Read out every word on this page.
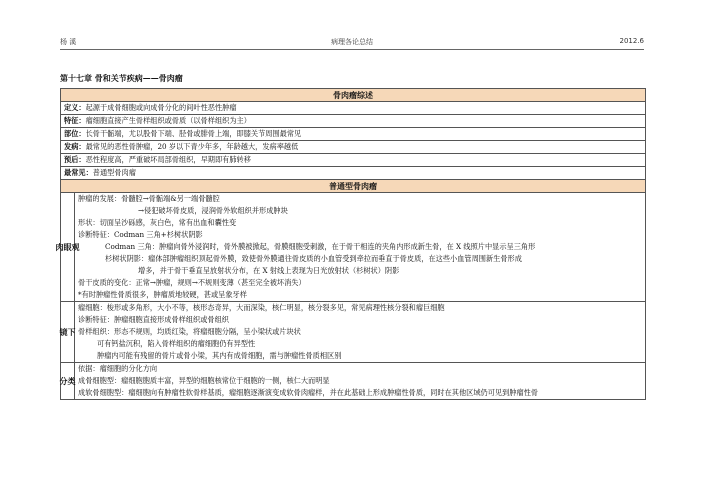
杨 溪	病理各论总结	2012.6
第十七章 骨和关节疾病——骨肉瘤
骨肉瘤综述
定义：起源于成骨细胞或向成骨分化的间叶性恶性肿瘤
特征：瘤细胞直接产生骨样组织或骨质（以骨样组织为主）
部位：长骨干骺端，尤以股骨下端、胫骨或腓骨上端，即膝关节周围最常见
发病：最常见的恶性骨肿瘤，20 岁以下青少年多，年龄越大，发病率越低
预后：恶性程度高，严重破坏局部骨组织，早期即有肺转移
最常见：普通型骨肉瘤
普通型骨肉瘤
肉 眼 观
肿瘤的发展：骨髓腔→骨骺端&另一端骨髓腔
→侵犯破坏骨皮质，浸润骨外软组织并形成肿块
形状：切面呈沙砾感，灰白色，常有出血和囊性变
诊断特征：Codman 三角+杉树状阴影
Codman 三角：肿瘤向骨外浸润时，骨外膜被掀起，骨膜细胞受刺激，在于骨干相连的夹角内形成新生骨，在 X 线照片中显示呈三角形
杉树状阴影：瘤体部肿瘤组织顶起骨外膜，致使骨外膜通往骨皮质的小血管受到牵拉而垂直于骨皮质，在这些小血管周围新生骨形成
增多，并于骨干垂直呈放射状分布，在 X 射线上表现为日光放射状（杉树状）阴影
骨干皮质的变化：正常→肿瘤，规则→不规则变薄（甚至完全被坏消失）
*有时肿瘤性骨质很多，肿瘤质地较硬，甚或呈象牙样
镜 下
瘤细胞：梭形或多角形，大小不等，核形态奇异，大而深染，核仁明显，核分裂多见，常见病理性核分裂和瘤巨细胞
诊断特征：肿瘤细胞直接形成骨样组织或骨组织
骨样组织：形态不规则，均质红染，将瘤细胞分隔，呈小梁状或片块状
可有钙盐沉积，陷入骨样组织的瘤细胞仍有异型性
肿瘤内可能有残留的骨片或骨小梁，其内有成骨细胞，需与肿瘤性骨质相区别
分 类
依据：瘤细胞的分化方向
成骨细胞型：瘤细胞胞质丰富，异型的细胞核常位于细胞的一侧，核仁大而明显
成软骨细胞型：瘤细胞向有肿瘤性软骨样基质，瘤细胞逐渐演变成软骨肉瘤样，并在此基础上形成肿瘤性骨质，同时在其他区域仍可见到肿瘤性骨
